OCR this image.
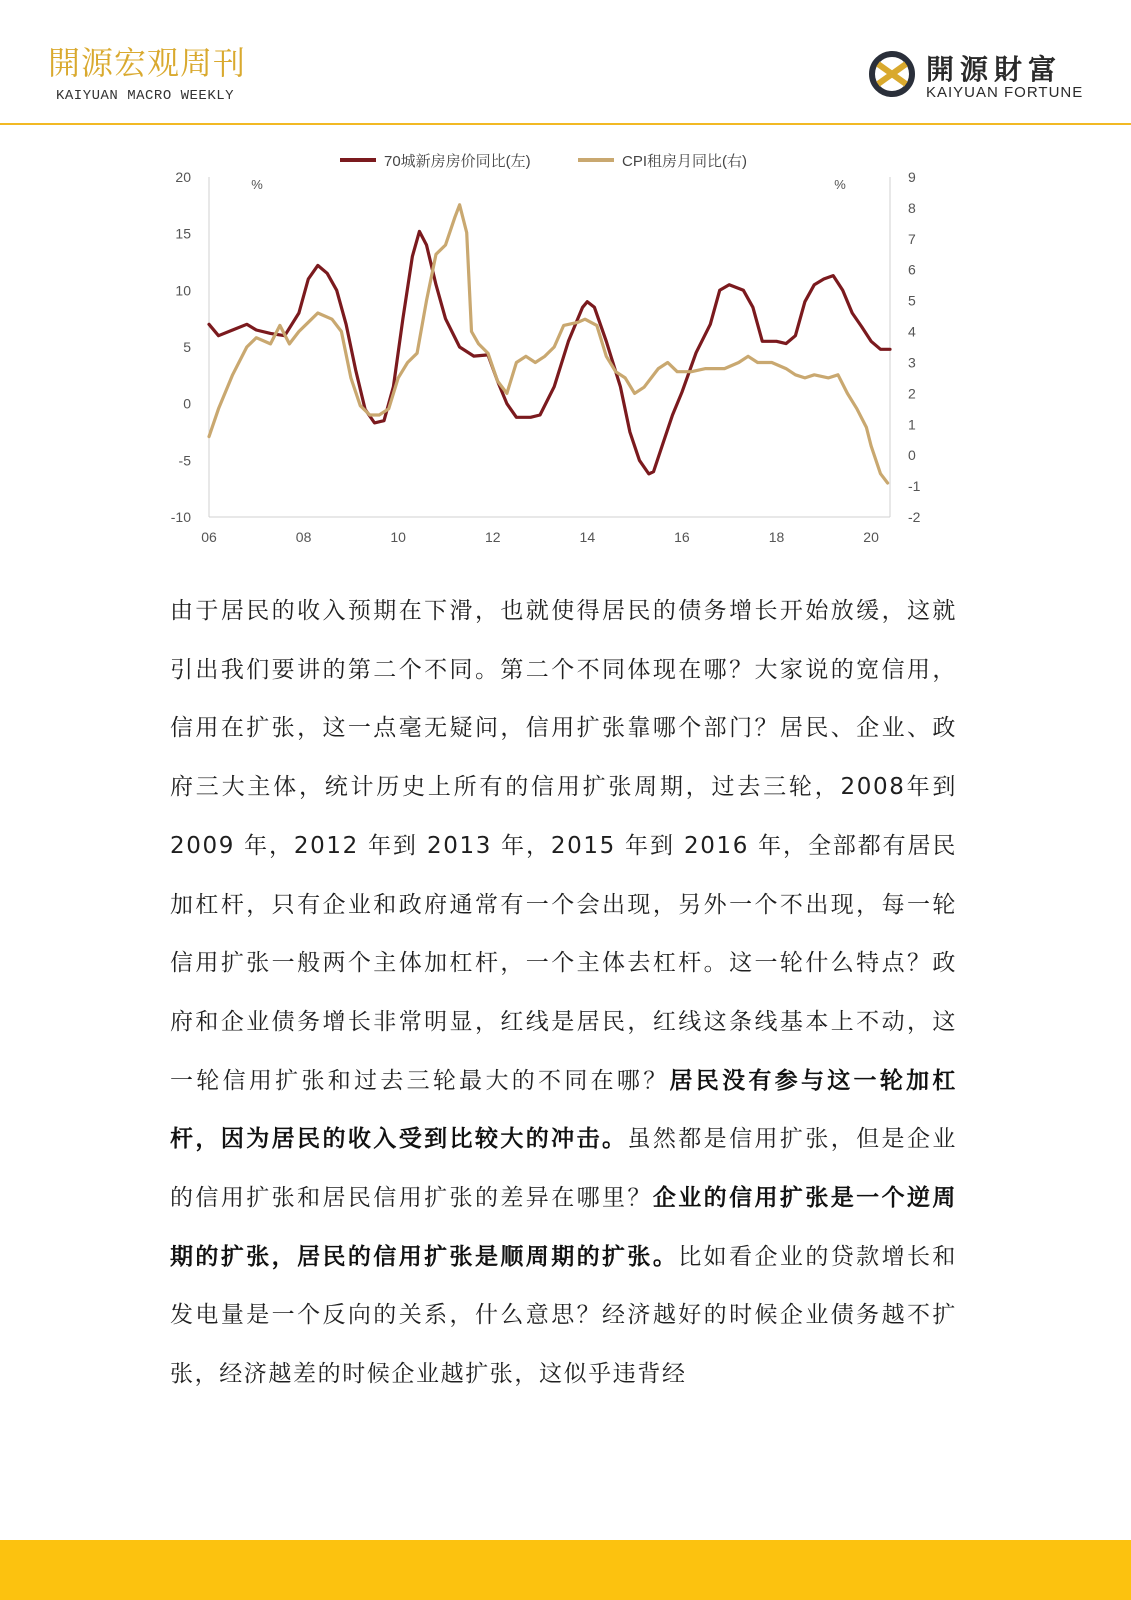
開源宏观周刊
KAIYUAN MACRO WEEKLY
開源財富
KAIYUAN FORTUNE
20
15
10
5
0
-5
-10
9
8
7
6
5
4
3
2
1
0
-1
-2
%	%
06	08	10	12	14	16	18	20
70城新房房价同比(左)	CPI租房月同比(右)

由于居民的收入预期在下滑，也就使得居民的债务增长开始放缓，这就引出我们要讲的第二个不同。第二个不同体现在哪？大家说的宽信用，信用在扩张，这一点毫无疑问，信用扩张靠哪个部门？居民、企业、政府三大主体，统计历史上所有的信用扩张周期，过去三轮，2008年到 2009 年，2012 年到 2013 年，2015 年到 2016 年，全部都有居民加杠杆，只有企业和政府通常有一个会出现，另外一个不出现，每一轮信用扩张一般两个主体加杠杆，一个主体去杠杆。这一轮什么特点？政府和企业债务增长非常明显，红线是居民，红线这条线基本上不动，这一轮信用扩张和过去三轮最大的不同在哪？居民没有参与这一轮加杠杆，因为居民的收入受到比较大的冲击。虽然都是信用扩张，但是企业的信用扩张和居民信用扩张的差异在哪里？企业的信用扩张是一个逆周期的扩张，居民的信用扩张是顺周期的扩张。比如看企业的贷款增长和发电量是一个反向的关系，什么意思？经济越好的时候企业债务越不扩张，经济越差的时候企业越扩张，这似乎违背经
